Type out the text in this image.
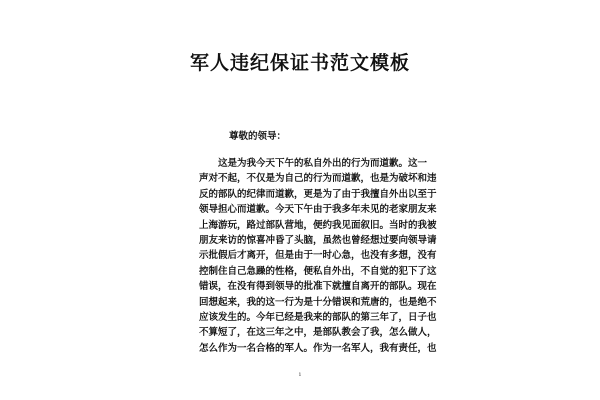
军人违纪保证书范文模板
尊敬的领导：
　　这是为我今天下午的私自外出的行为而道歉。这一
声对不起，不仅是为自己的行为而道歉，也是为破坏和违
反的部队的纪律而道歉，更是为了由于我擅自外出以至于
领导担心而道歉。今天下午由于我多年未见的老家朋友来
上海游玩，路过部队营地，便约我见面叙旧。当时的我被
朋友来访的惊喜冲昏了头脑，虽然也曾经想过要向领导请
示批假后才离开，但是由于一时心急，也没有多想，没有
控制住自己急躁的性格，便私自外出，不自觉的犯下了这
错误，在没有得到领导的批准下就擅自离开的部队。现在
回想起来，我的这一行为是十分错误和荒唐的，也是绝不
应该发生的。今年已经是我来的部队的第三年了，日子也
不算短了，在这三年之中，是部队教会了我，怎么做人，
怎么作为一名合格的军人。作为一名军人，我有责任，也
1
